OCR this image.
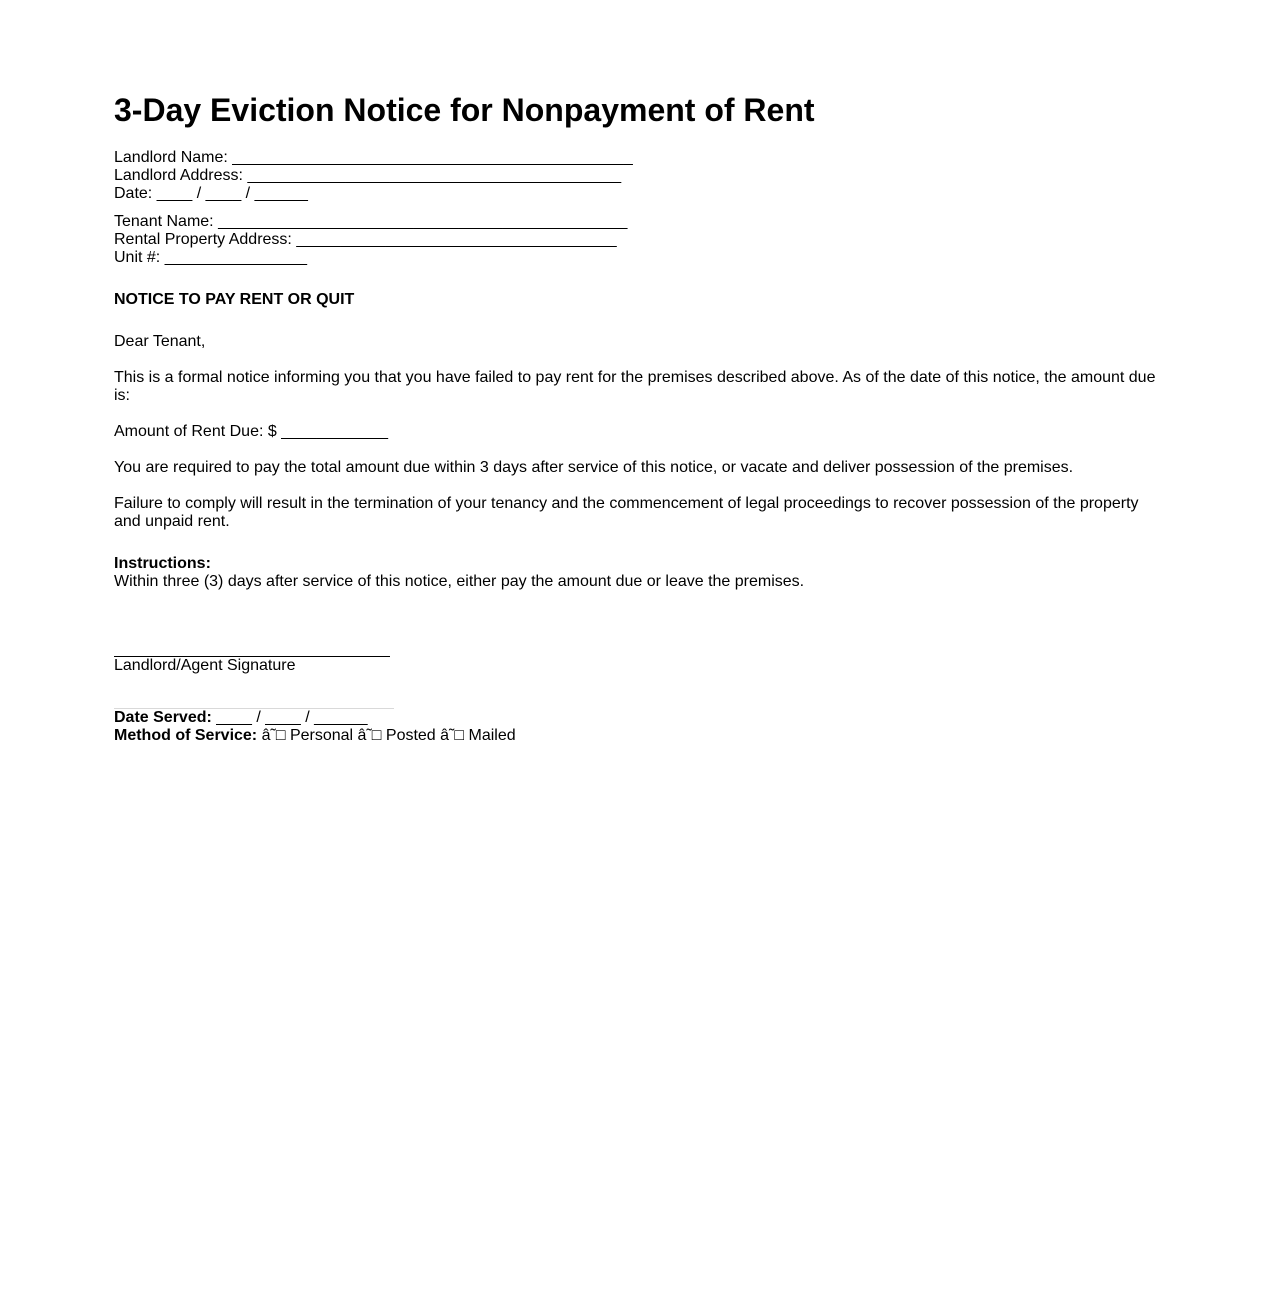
3-Day Eviction Notice for Nonpayment of Rent
Landlord Name: _____________________________________________
Landlord Address: __________________________________________
Date: ____ / ____ / ______
Tenant Name: ______________________________________________
Rental Property Address: ____________________________________
Unit #: ________________
NOTICE TO PAY RENT OR QUIT
Dear Tenant,
This is a formal notice informing you that you have failed to pay rent for the premises described above. As of the date of this notice, the amount due is:
Amount of Rent Due: $ ____________
You are required to pay the total amount due within 3 days after service of this notice, or vacate and deliver possession of the premises.
Failure to comply will result in the termination of your tenancy and the commencement of legal proceedings to recover possession of the property and unpaid rent.
Instructions:
Within three (3) days after service of this notice, either pay the amount due or leave the premises.
Landlord/Agent Signature
Date Served: ____ / ____ / ______
Method of Service: â˜□ Personal â˜□ Posted â˜□ Mailed
